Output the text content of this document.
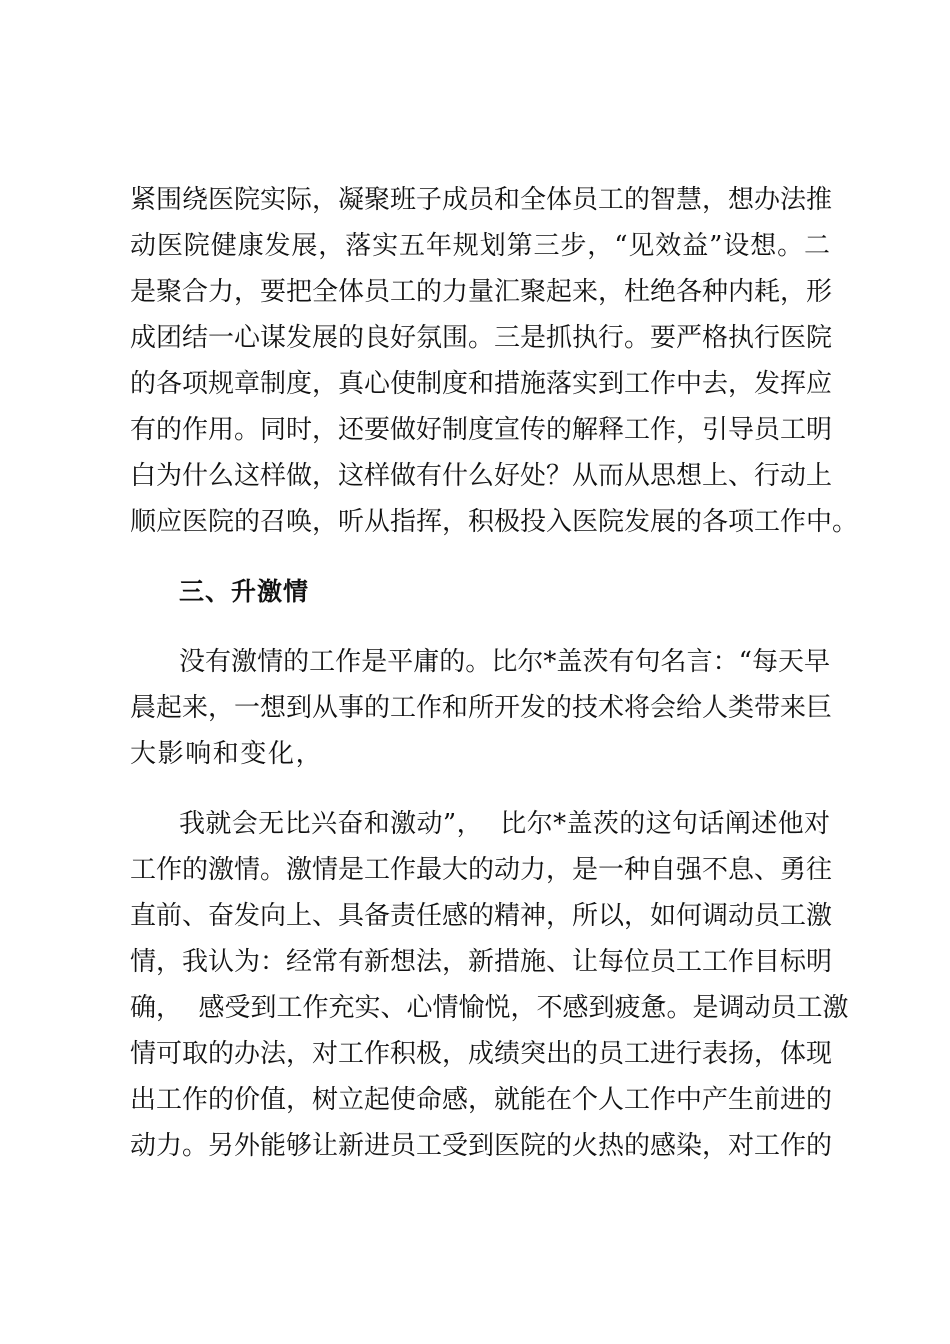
紧围绕医院实际，凝聚班子成员和全体员工的智慧，想办法推
动医院健康发展，落实五年规划第三步，“见效益”设想。二
是聚合力，要把全体员工的力量汇聚起来，杜绝各种内耗，形
成团结一心谋发展的良好氛围。三是抓执行。要严格执行医院
的各项规章制度，真心使制度和措施落实到工作中去，发挥应
有的作用。同时，还要做好制度宣传的解释工作，引导员工明
白为什么这样做，这样做有什么好处？从而从思想上、行动上
顺应医院的召唤，听从指挥，积极投入医院发展的各项工作中。
三、升激情
没有激情的工作是平庸的。比尔*盖茨有句名言：“每天早
晨起来，一想到从事的工作和所开发的技术将会给人类带来巨
大影响和变化，
我就会无比兴奋和激动”，  比尔*盖茨的这句话阐述他对
工作的激情。激情是工作最大的动力，是一种自强不息、勇往
直前、奋发向上、具备责任感的精神，所以，如何调动员工激
情，我认为：经常有新想法，新措施、让每位员工工作目标明
确，  感受到工作充实、心情愉悦，不感到疲惫。是调动员工激
情可取的办法，对工作积极，成绩突出的员工进行表扬，体现
出工作的价值，树立起使命感，就能在个人工作中产生前进的
动力。另外能够让新进员工受到医院的火热的感染，对工作的
